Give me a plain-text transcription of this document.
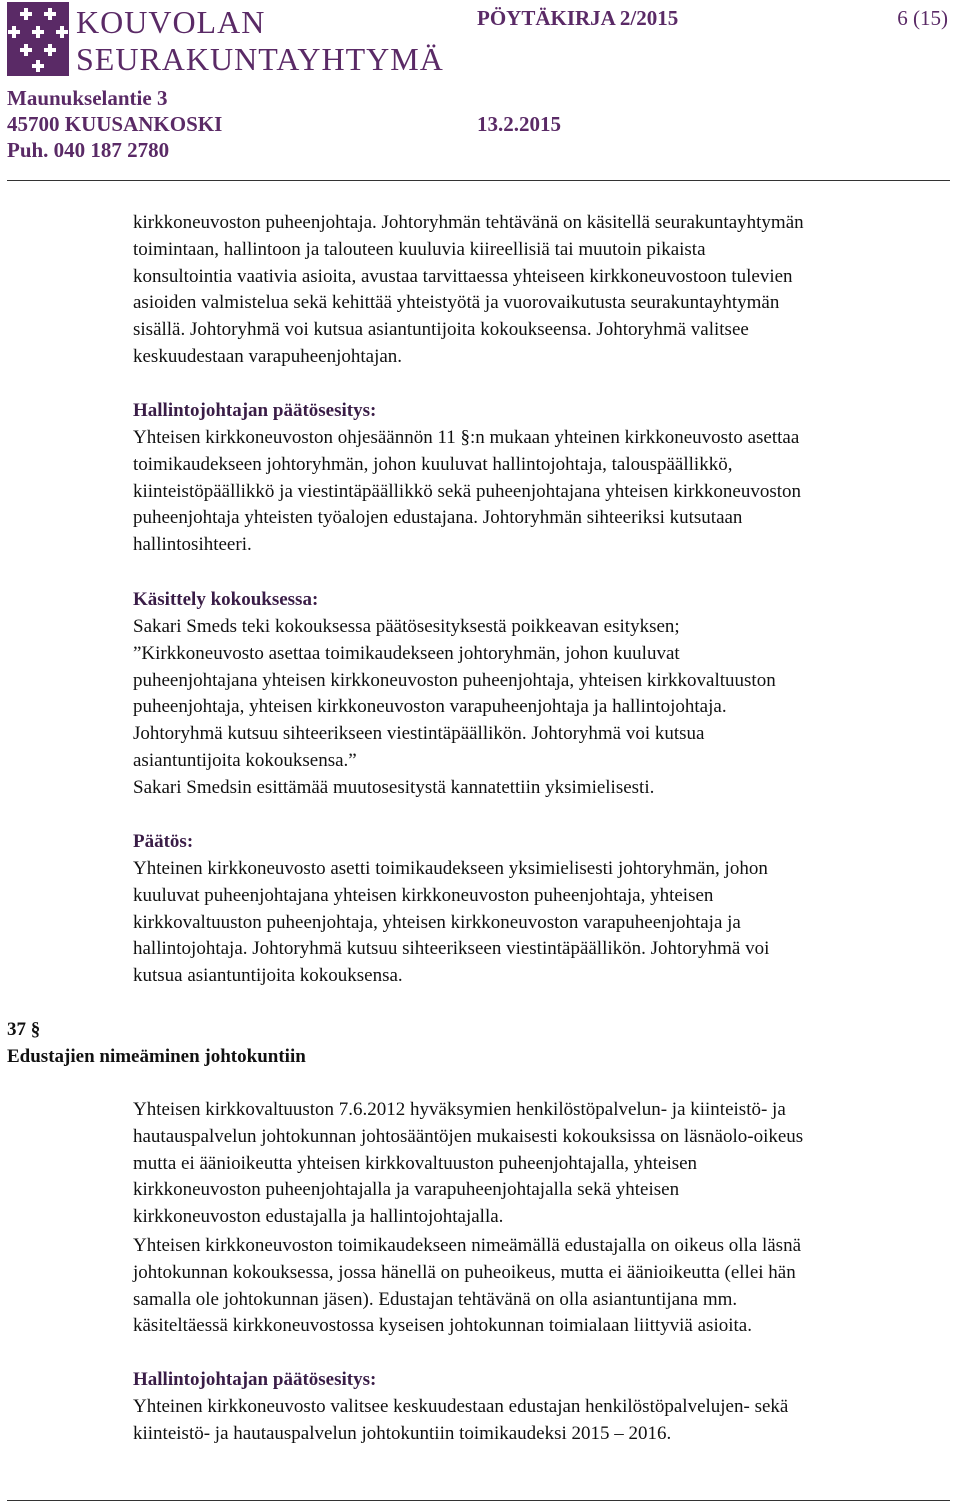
KOUVOLAN
SEURAKUNTAYHTYMÄ
PÖYTÄKIRJA 2/2015	6 (15)
Maunukselantie 3
45700 KUUSANKOSKI	13.2.2015
Puh. 040 187 2780
kirkkoneuvoston puheenjohtaja. Johtoryhmän tehtävänä on käsitellä seurakuntayhtymän
toimintaan, hallintoon ja talouteen kuuluvia kiireellisiä tai muutoin pikaista
konsultointia vaativia asioita, avustaa tarvittaessa yhteiseen kirkkoneuvostoon tulevien
asioiden valmistelua sekä kehittää yhteistyötä ja vuorovaikutusta seurakuntayhtymän
sisällä. Johtoryhmä voi kutsua asiantuntijoita kokoukseensa. Johtoryhmä valitsee
keskuudestaan varapuheenjohtajan.
Hallintojohtajan päätösesitys:
Yhteisen kirkkoneuvoston ohjesäännön 11 §:n mukaan yhteinen kirkkoneuvosto asettaa
toimikaudekseen johtoryhmän, johon kuuluvat hallintojohtaja, talouspäällikkö,
kiinteistöpäällikkö ja viestintäpäällikkö sekä puheenjohtajana yhteisen kirkkoneuvoston
puheenjohtaja yhteisten työalojen edustajana. Johtoryhmän sihteeriksi kutsutaan
hallintosihteeri.
Käsittely kokouksessa:
Sakari Smeds teki kokouksessa päätösesityksestä poikkeavan esityksen;
”Kirkkoneuvosto asettaa toimikaudekseen johtoryhmän, johon kuuluvat
puheenjohtajana yhteisen kirkkoneuvoston puheenjohtaja, yhteisen kirkkovaltuuston
puheenjohtaja, yhteisen kirkkoneuvoston varapuheenjohtaja ja hallintojohtaja.
Johtoryhmä kutsuu sihteerikseen viestintäpäällikön. Johtoryhmä voi kutsua
asiantuntijoita kokouksensa.”
Sakari Smedsin esittämää muutosesitystä kannatettiin yksimielisesti.
Päätös:
Yhteinen kirkkoneuvosto asetti toimikaudekseen yksimielisesti johtoryhmän, johon
kuuluvat puheenjohtajana yhteisen kirkkoneuvoston puheenjohtaja, yhteisen
kirkkovaltuuston puheenjohtaja, yhteisen kirkkoneuvoston varapuheenjohtaja ja
hallintojohtaja. Johtoryhmä kutsuu sihteerikseen viestintäpäällikön. Johtoryhmä voi
kutsua asiantuntijoita kokouksensa.
37 §
Edustajien nimeäminen johtokuntiin
Yhteisen kirkkovaltuuston 7.6.2012 hyväksymien henkilöstöpalvelun- ja kiinteistö- ja
hautauspalvelun johtokunnan johtosääntöjen mukaisesti kokouksissa on läsnäolo-oikeus
mutta ei äänioikeutta yhteisen kirkkovaltuuston puheenjohtajalla, yhteisen
kirkkoneuvoston puheenjohtajalla ja varapuheenjohtajalla sekä yhteisen
kirkkoneuvoston edustajalla ja hallintojohtajalla.
Yhteisen kirkkoneuvoston toimikaudekseen nimeämällä edustajalla on oikeus olla läsnä
johtokunnan kokouksessa, jossa hänellä on puheoikeus, mutta ei äänioikeutta (ellei hän
samalla ole johtokunnan jäsen). Edustajan tehtävänä on olla asiantuntijana mm.
käsiteltäessä kirkkoneuvostossa kyseisen johtokunnan toimialaan liittyviä asioita.
Hallintojohtajan päätösesitys:
Yhteinen kirkkoneuvosto valitsee keskuudestaan edustajan henkilöstöpalvelujen- sekä
kiinteistö- ja hautauspalvelun johtokuntiin toimikaudeksi 2015 – 2016.
